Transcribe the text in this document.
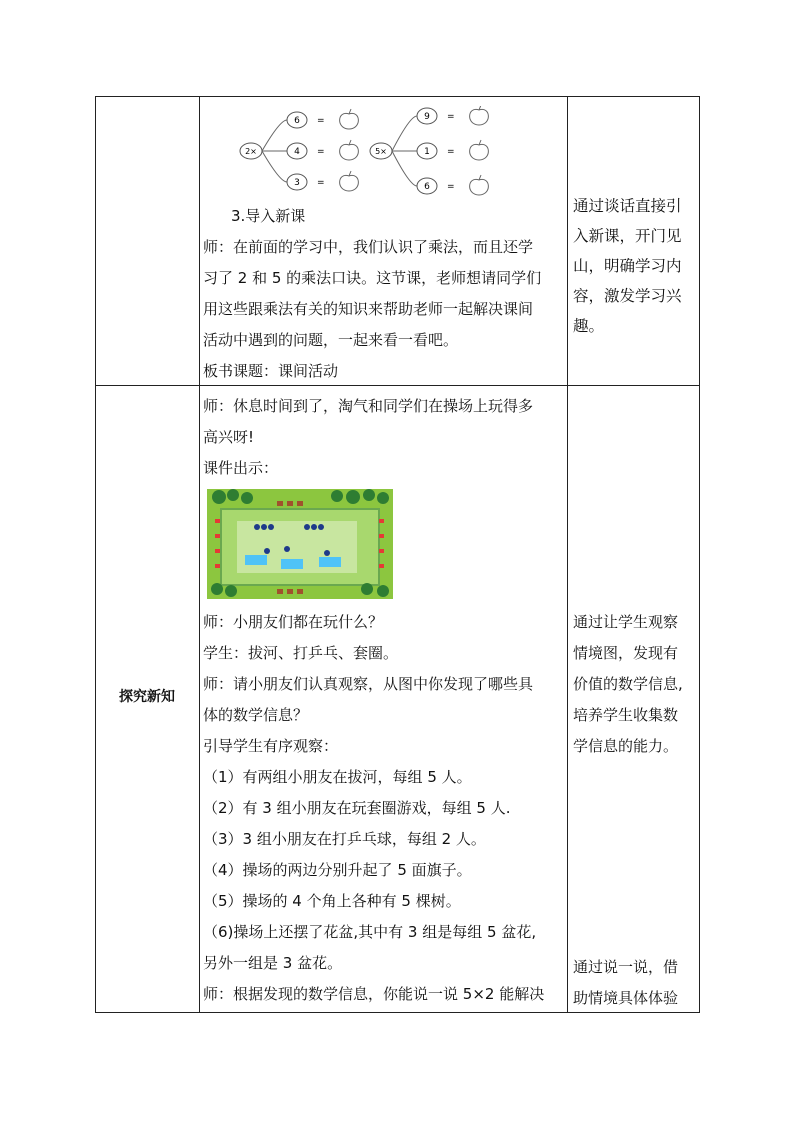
2×	5×
6 =
4 =
3 =
9 =
1 =
6 =

3.导入新课

师：在前面的学习中，我们认识了乘法，而且还学

习了 2 和 5 的乘法口诀。这节课，老师想请同学们

用这些跟乘法有关的知识来帮助老师一起解决课间

活动中遇到的问题，一起来看一看吧。

板书课题：课间活动

通过谈话直接引

入新课，开门见

山，明确学习内

容，激发学习兴

趣。

探究新知

师：休息时间到了，淘气和同学们在操场上玩得多

高兴呀!

课件出示：

师：小朋友们都在玩什么？

学生：拔河、打乒乓、套圈。

师：请小朋友们认真观察，从图中你发现了哪些具

体的数学信息？

引导学生有序观察：

（1）有两组小朋友在拔河，每组 5 人。

（2）有 3 组小朋友在玩套圈游戏，每组 5 人.

（3）3 组小朋友在打乒乓球，每组 2 人。

（4）操场的两边分别升起了 5 面旗子。

（5）操场的 4 个角上各种有 5 棵树。

（6)操场上还摆了花盆,其中有 3 组是每组 5 盆花,

另外一组是 3 盆花。

师：根据发现的数学信息，你能说一说 5×2 能解决

通过让学生观察

情境图，发现有

价值的数学信息,

培养学生收集数

学信息的能力。

通过说一说，借

助情境具体体验
